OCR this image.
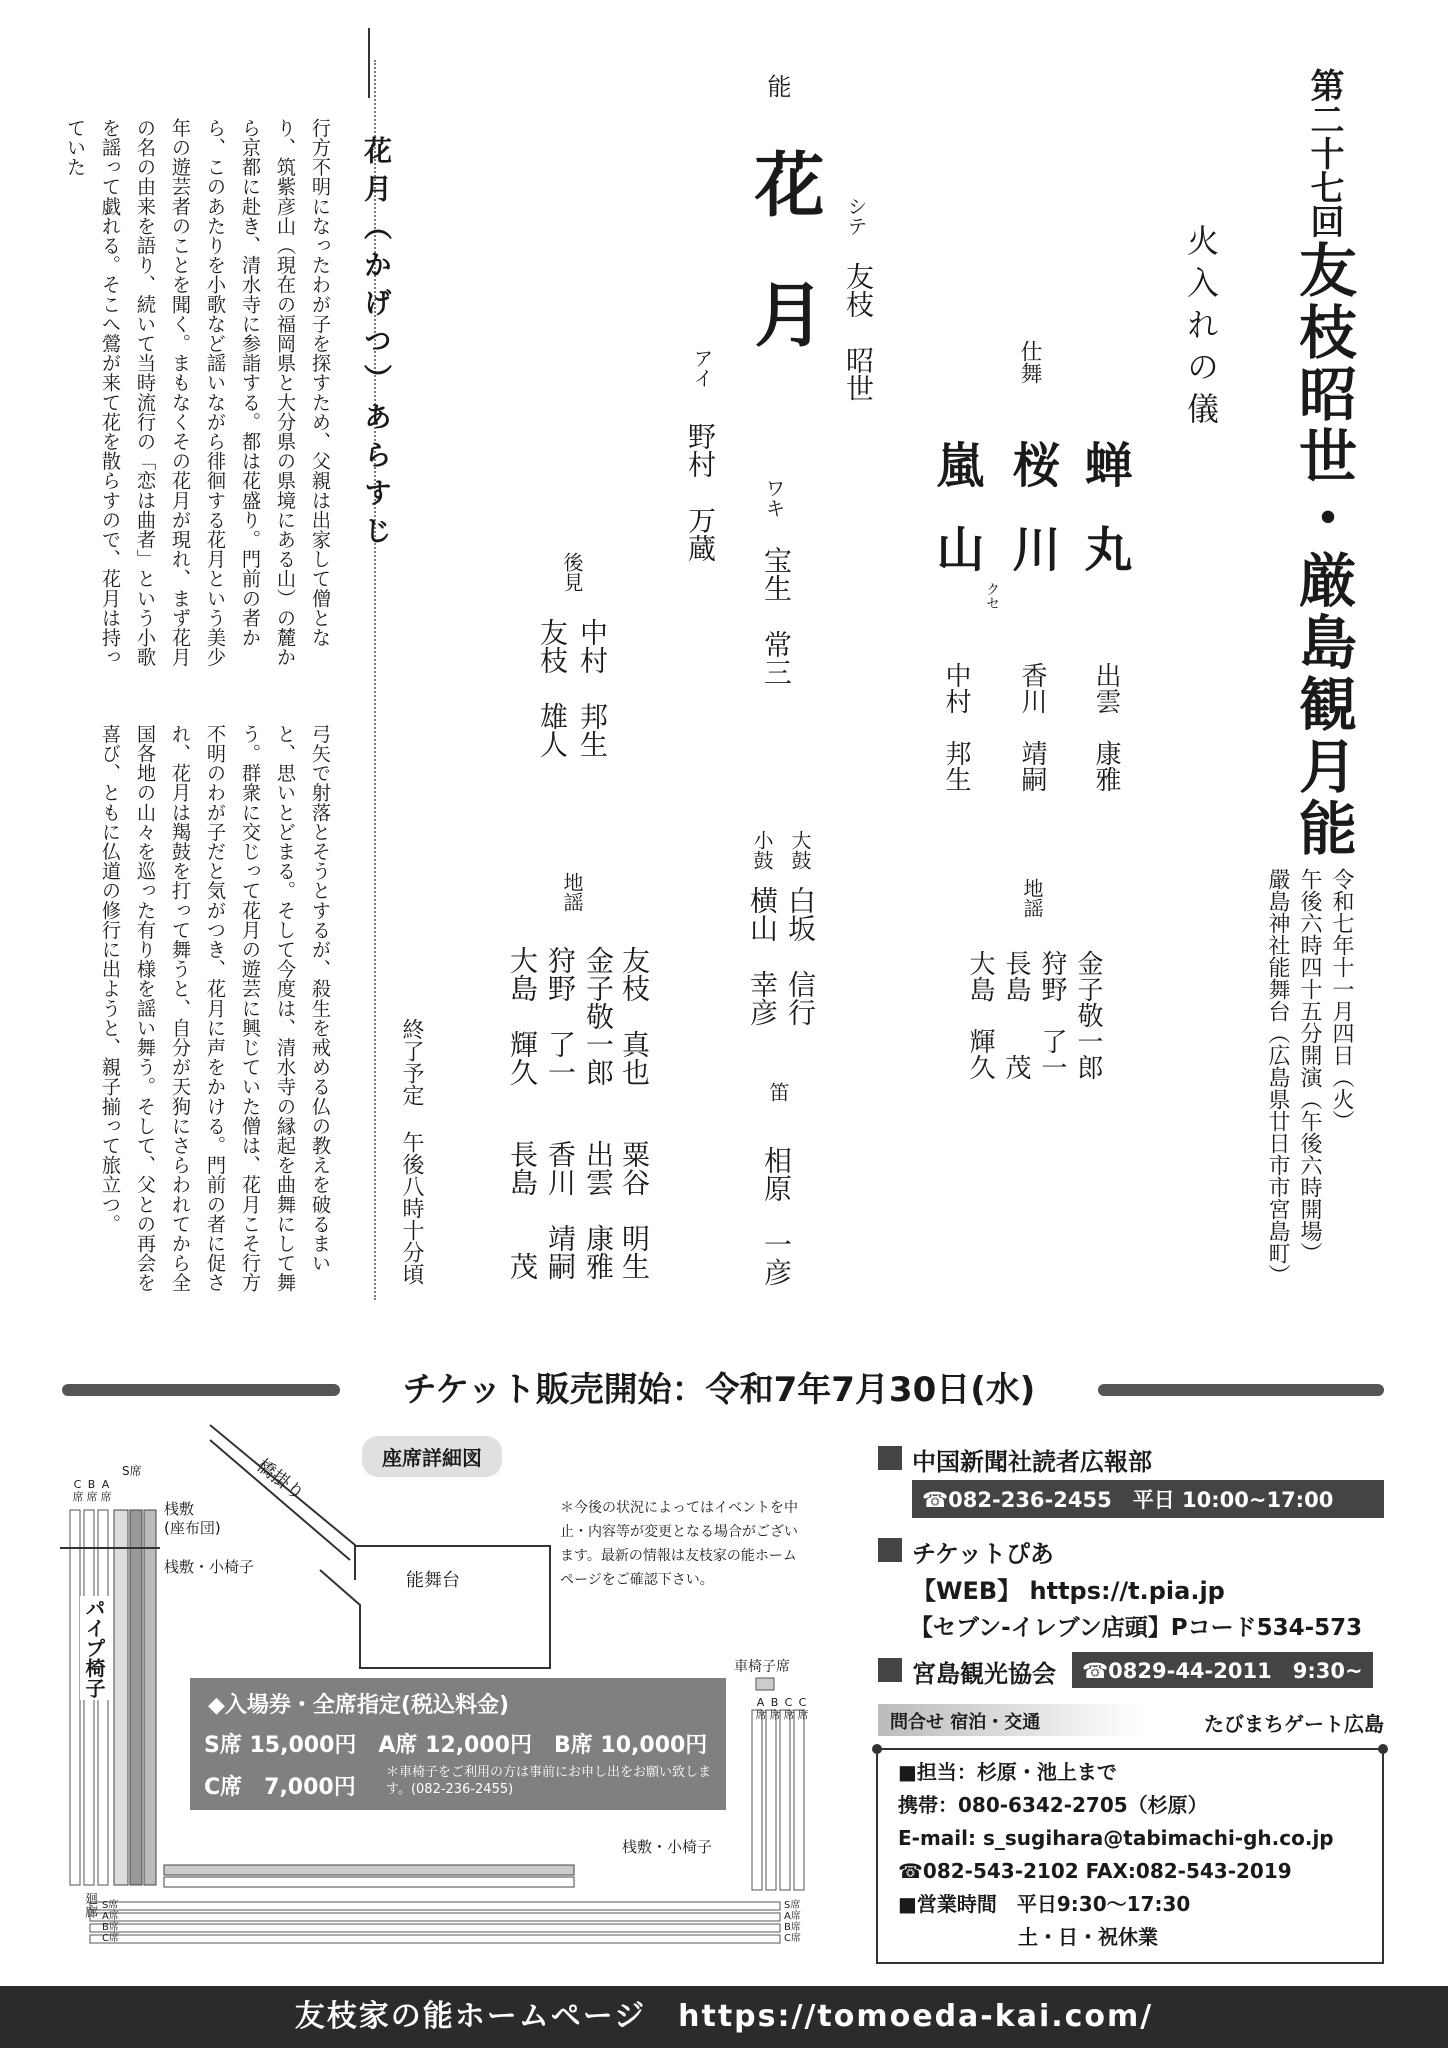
第二十七回
友枝昭世・厳島観月能
令和七年十一月四日（火）
午後六時四十五分開演（午後六時開場）
嚴島神社能舞台（広島県廿日市市宮島町）
火入れの儀
仕舞
蝉丸
桜川
クセ
嵐山
出雲　康雅
香川　靖嗣
中村　邦生
地謡
金子敬一郎
狩野　了一
長島　　茂
大島　輝久
能
花月
シテ
友枝　昭世
ワキ
宝生　常三
アイ
野村　万蔵
大鼓
白坂　信行
小鼓
横山　幸彦
笛
相原　一彦
後見
中村　邦生
友枝　雄人
地謡
友枝　真也
金子敬一郎
狩野　了一
大島　輝久
粟谷　明生
出雲　康雅
香川　靖嗣
長島　　茂
終了予定 午後八時十分頃
花月（かげつ）あらすじ
行方不明になったわが子を探すため、父親は出家して僧となり、筑紫彦山（現在の福岡県と大分県の県境にある山）の麓から京都に赴き、清水寺に参詣する。都は花盛り。門前の者から、このあたりを小歌など謡いながら徘徊する花月という美少年の遊芸者のことを聞く。まもなくその花月が現れ、まず花月の名の由来を語り、続いて当時流行の「恋は曲者」という小歌を謡って戯れる。そこへ鶯が来て花を散らすので、花月は持っていた
弓矢で射落とそうとするが、殺生を戒める仏の教えを破るまいと、思いとどまる。そして今度は、清水寺の縁起を曲舞にして舞う。群衆に交じって花月の遊芸に興じていた僧は、花月こそ行方不明のわが子だと気がつき、花月に声をかける。門前の者に促され、花月は羯鼓を打って舞うと、自分が天狗にさらわれてから全国各地の山々を巡った有り様を謡い舞う。そして、父との再会を喜び、ともに仏道の修行に出ようと、親子揃って旅立つ。
チケット販売開始：令和7年7月30日(水)
座席詳細図
＊今後の状況によってはイベントを中止・内容等が変更となる場合がございます。最新の情報は友枝家の能ホームページをご確認下さい。
橋掛り
能舞台
桟敷
(座布団)
桟敷・小椅子
桟敷・小椅子
S席
パイプ椅子	車椅子席
C席 B席 A席
A席 B席 C席 C席
廻廊 S席
A席
B席
C席
S席
A席
B席
C席
◆入場券・全席指定(税込料金)
S席 15,000円　A席 12,000円　B席 10,000円
C席　7,000円
＊車椅子をご利用の方は事前にお申し出をお願い致します。(082-236-2455)
中国新聞社読者広報部
☎082-236-2455　平日 10:00~17:00
チケットぴあ
【WEB】 https://t.pia.jp
【セブン-イレブン店頭】Pコード534-573
宮島観光協会	☎0829-44-2011　9:30~
問合せ 宿泊・交通	たびまちゲート広島
■担当：杉原・池上まで
携帯：080-6342-2705（杉原）
E-mail: s_sugihara@tabimachi-gh.co.jp
☎082-543-2102 FAX:082-543-2019
■営業時間　平日9:30〜17:30
　　　　　　土・日・祝休業
友枝家の能ホームページ　https://tomoeda-kai.com/
